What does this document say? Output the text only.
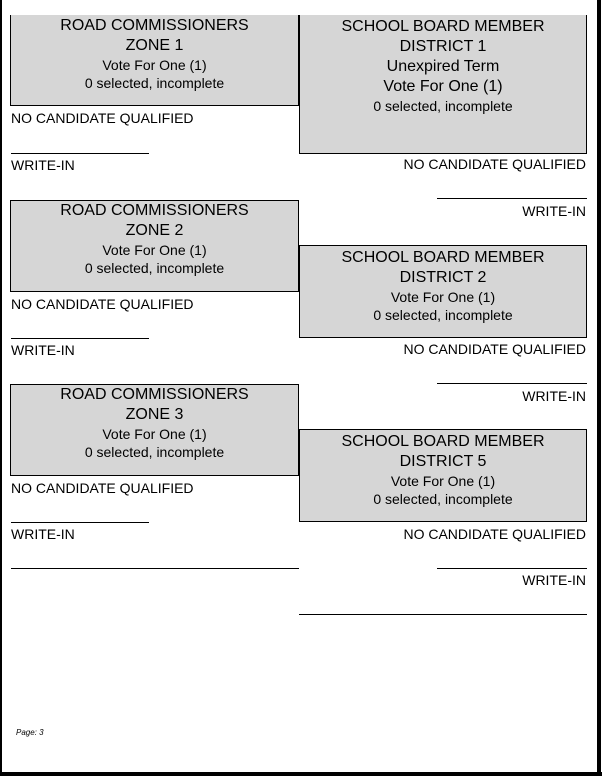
ROAD COMMISSIONERS
ZONE 1
Vote For One (1)
0 selected, incomplete
NO CANDIDATE QUALIFIED
WRITE-IN
ROAD COMMISSIONERS
ZONE 2
Vote For One (1)
0 selected, incomplete
NO CANDIDATE QUALIFIED
WRITE-IN
ROAD COMMISSIONERS
ZONE 3
Vote For One (1)
0 selected, incomplete
NO CANDIDATE QUALIFIED
WRITE-IN
SCHOOL BOARD MEMBER
DISTRICT 1
Unexpired Term
Vote For One (1)
0 selected, incomplete
NO CANDIDATE QUALIFIED
WRITE-IN
SCHOOL BOARD MEMBER
DISTRICT 2
Vote For One (1)
0 selected, incomplete
NO CANDIDATE QUALIFIED
WRITE-IN
SCHOOL BOARD MEMBER
DISTRICT 5
Vote For One (1)
0 selected, incomplete
NO CANDIDATE QUALIFIED
WRITE-IN
Page: 3
